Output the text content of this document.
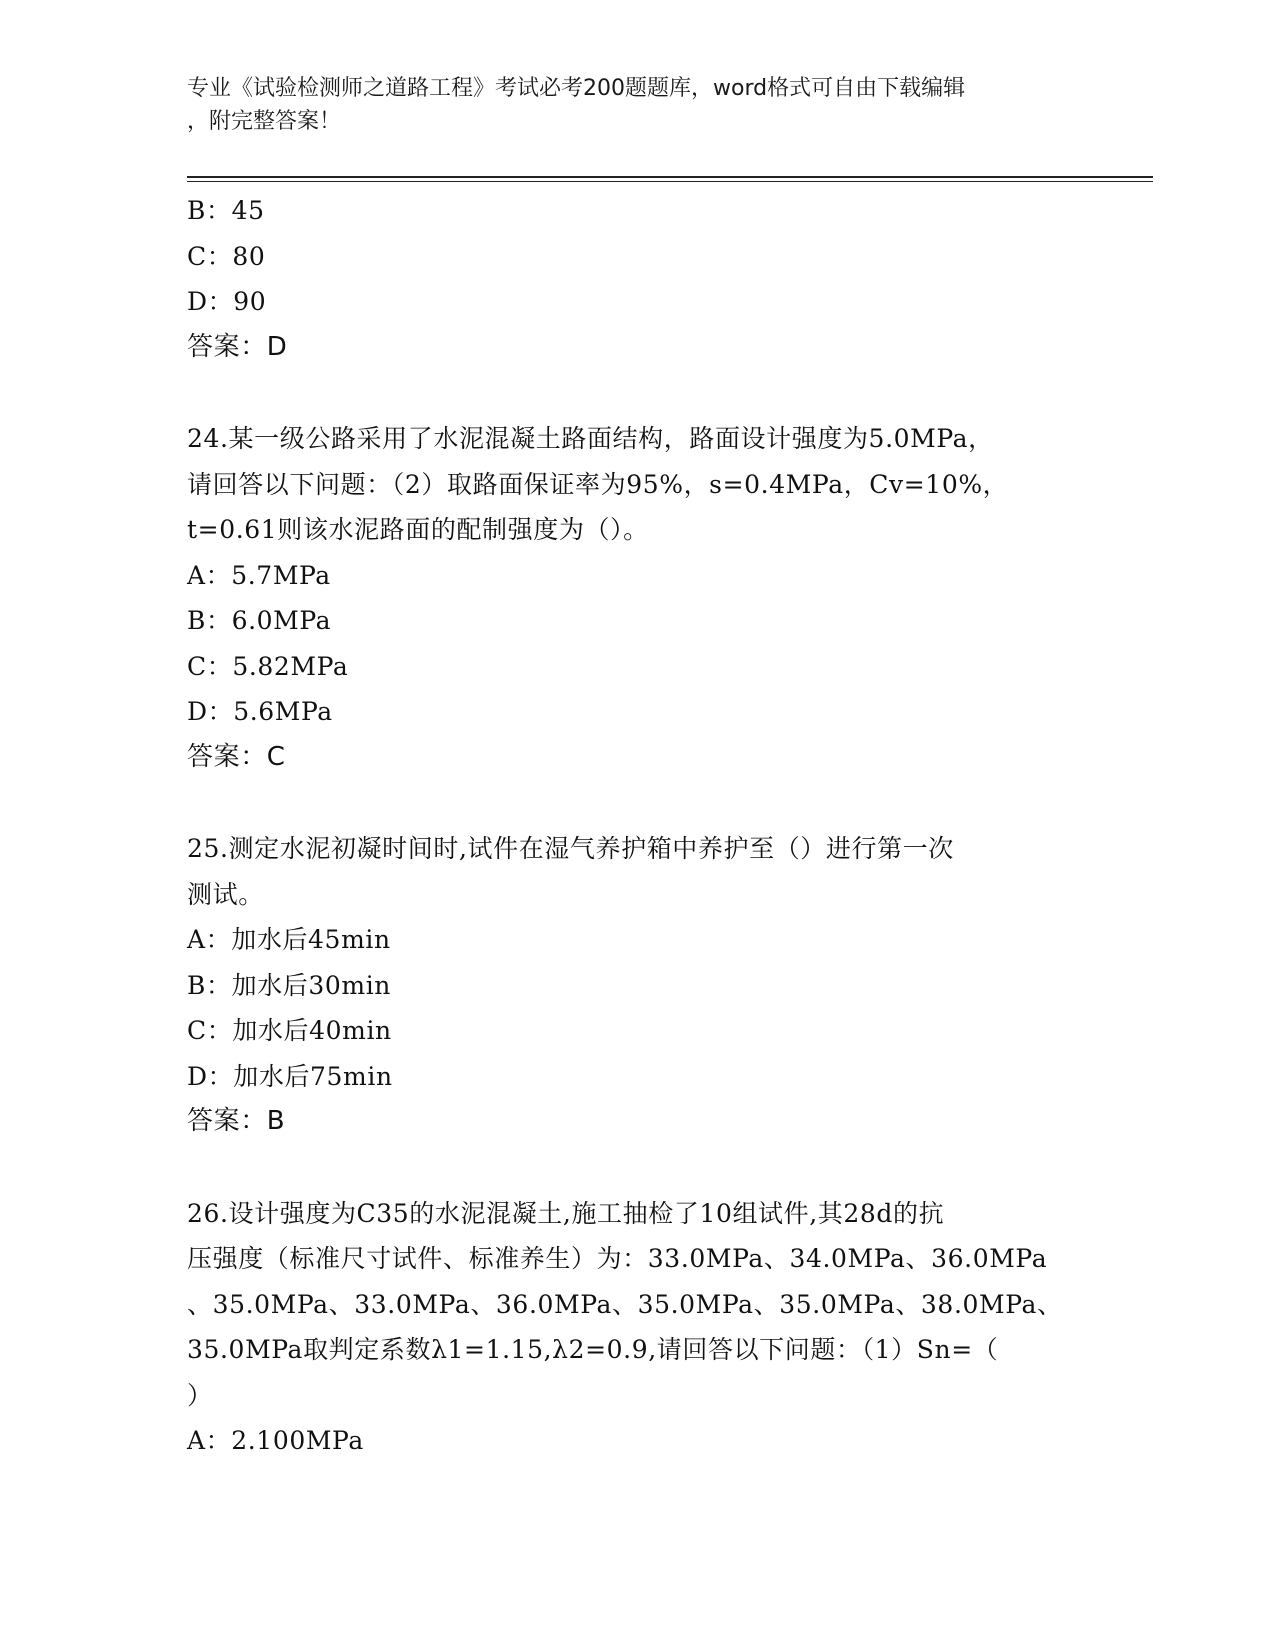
专业《试验检测师之道路工程》考试必考200题题库，word格式可自由下载编辑
，附完整答案！
B：45
C：80
D：90
答案：D
24.某一级公路采用了水泥混凝土路面结构，路面设计强度为5.0MPa，
请回答以下问题：（2）取路面保证率为95%，s=0.4MPa，Cv=10%，
t=0.61则该水泥路面的配制强度为（）。
A：5.7MPa
B：6.0MPa
C：5.82MPa
D：5.6MPa
答案：C
25.测定水泥初凝时间时,试件在湿气养护箱中养护至（）进行第一次
测试。
A：加水后45min
B：加水后30min
C：加水后40min
D：加水后75min
答案：B
26.设计强度为C35的水泥混凝土,施工抽检了10组试件,其28d的抗
压强度（标准尺寸试件、标准养生）为：33.0MPa、34.0MPa、36.0MPa
、35.0MPa、33.0MPa、36.0MPa、35.0MPa、35.0MPa、38.0MPa、
35.0MPa取判定系数λ1=1.15,λ2=0.9,请回答以下问题：（1）Sn=（
）
A：2.100MPa
